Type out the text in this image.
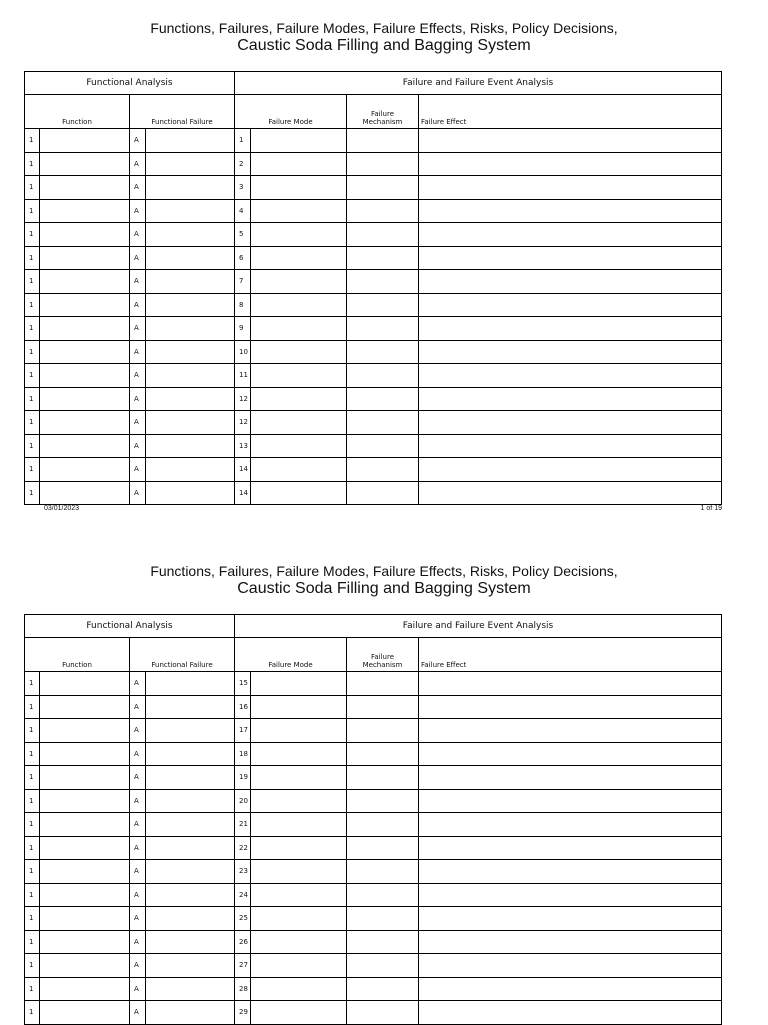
Functions, Failures, Failure Modes, Failure Effects, Risks, Policy Decisions,
Caustic Soda Filling and Bagging System
Functional Analysis				Failure and Failure Event Analysis			
Function		Functional Failure		Failure Mode		Failure
Mechanism	Failure Effect
1		A		1			
1		A		2			
1		A		3			
1		A		4			
1		A		5			
1		A		6			
1		A		7			
1		A		8			
1		A		9			
1		A		10			
1		A		11			
1		A		12			
1		A		12			
1		A		13			
1		A		14			
1		A		14			
03/01/2023	1 of 19
Functions, Failures, Failure Modes, Failure Effects, Risks, Policy Decisions,
Caustic Soda Filling and Bagging System
Functional Analysis				Failure and Failure Event Analysis			
Function		Functional Failure		Failure Mode		Failure
Mechanism	Failure Effect
1		A		15			
1		A		16			
1		A		17			
1		A		18			
1		A		19			
1		A		20			
1		A		21			
1		A		22			
1		A		23			
1		A		24			
1		A		25			
1		A		26			
1		A		27			
1		A		28			
1		A		29			
